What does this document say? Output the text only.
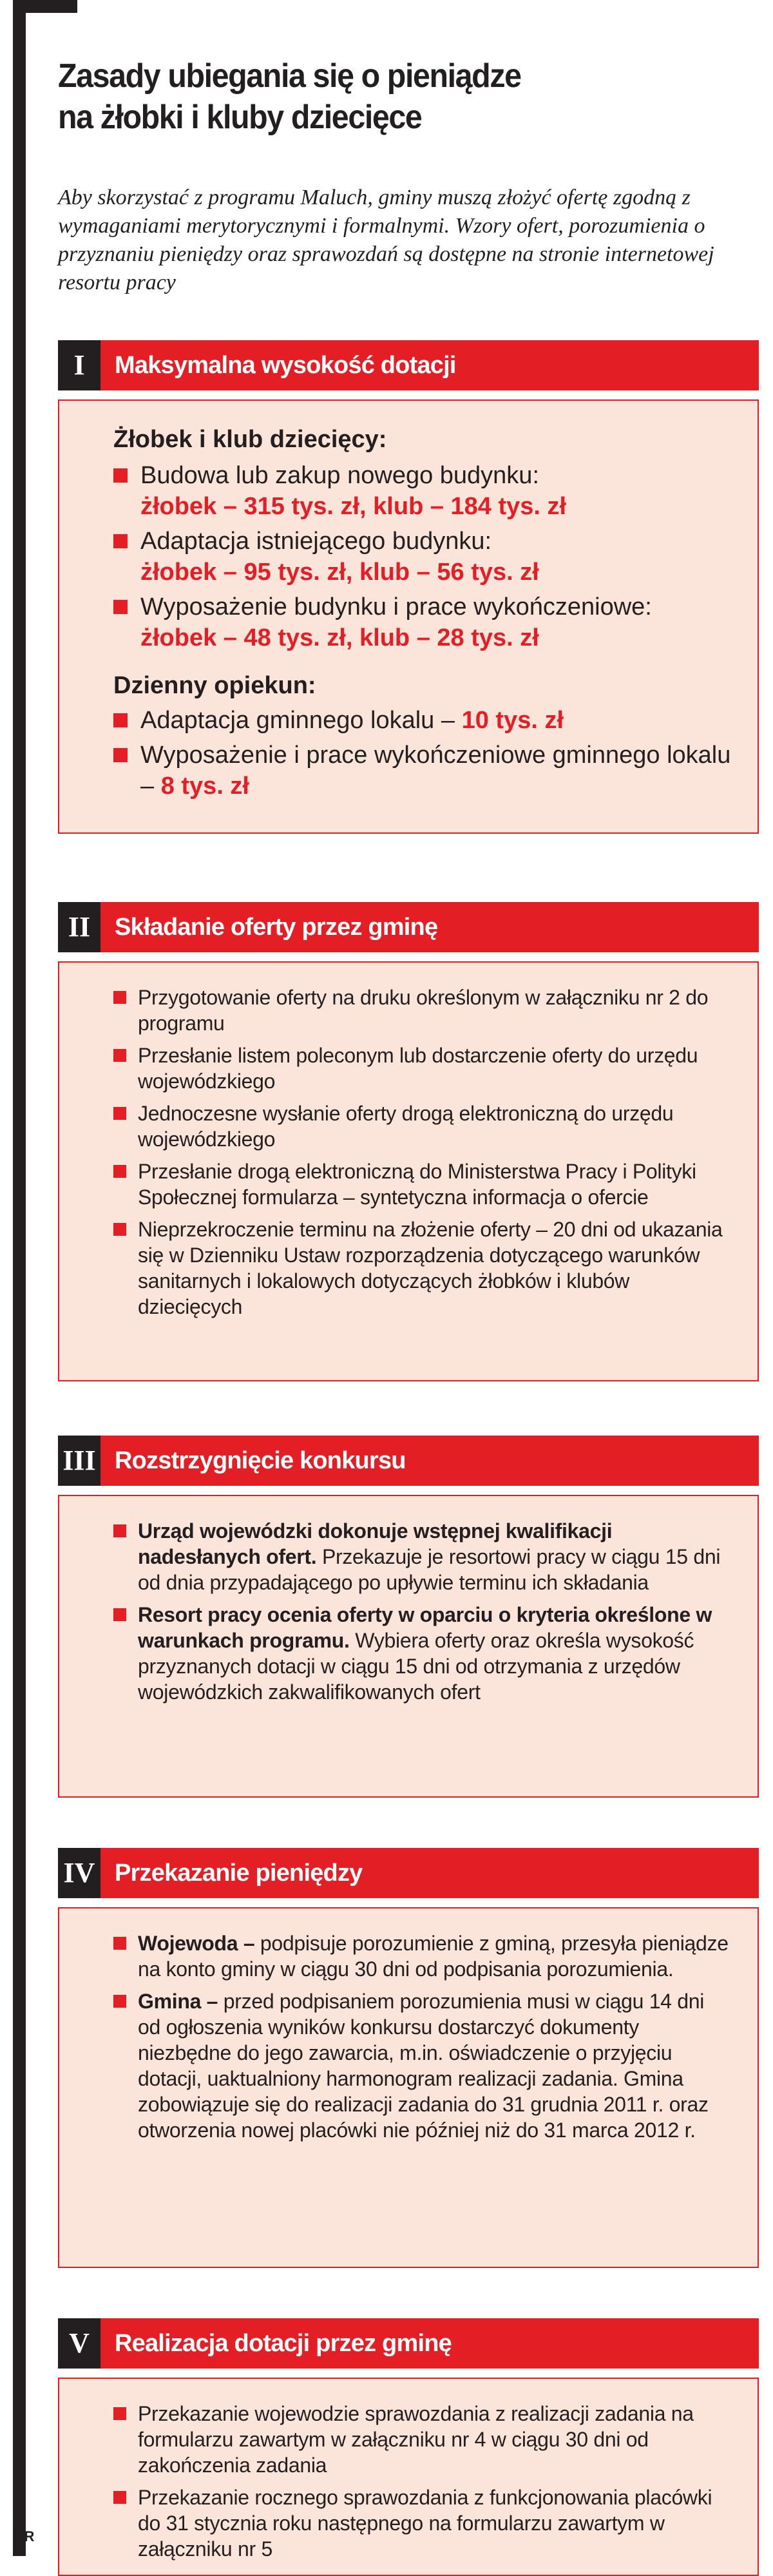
Zasady ubiegania się o pieniądze
na żłobki i kluby dziecięce

Aby skorzystać z programu Maluch, gminy muszą złożyć ofertę zgodną z wymaganiami merytorycznymi i formalnymi. Wzory ofert, porozumienia o przyznaniu pieniędzy oraz sprawozdań są dostępne na stronie internetowej resortu pracy

I	Maksymalna wysokość dotacji

Żłobek i klub dziecięcy:

Budowa lub zakup nowego budynku:
żłobek – 315 tys. zł, klub – 184 tys. zł
Adaptacja istniejącego budynku:
żłobek – 95 tys. zł, klub – 56 tys. zł
Wyposażenie budynku i prace wykończeniowe:
żłobek – 48 tys. zł, klub – 28 tys. zł

Dzienny opiekun:

Adaptacja gminnego lokalu – 10 tys. zł
Wyposażenie i prace wykończeniowe gminnego lokalu – 8 tys. zł
II Składanie oferty przez gminę
Przygotowanie oferty na druku określonym w załączniku nr 2 do programu
Przesłanie listem poleconym lub dostarczenie oferty do urzędu wojewódzkiego
Jednoczesne wysłanie oferty drogą elektroniczną do urzędu wojewódzkiego
Przesłanie drogą elektroniczną do Ministerstwa Pracy i Polityki Społecznej formularza – syntetyczna informacja o ofercie
Nieprzekroczenie terminu na złożenie oferty – 20 dni od ukazania się w Dzienniku Ustaw rozporządzenia dotyczącego warunków sanitarnych i lokalowych dotyczących żłobków i klubów dziecięcych
III Rozstrzygnięcie konkursu
Urząd wojewódzki dokonuje wstępnej kwalifikacji nadesłanych ofert. Przekazuje je resortowi pracy w ciągu 15 dni od dnia przypadającego po upływie terminu ich składania
Resort pracy ocenia oferty w oparciu o kryteria określone w warunkach programu. Wybiera oferty oraz określa wysokość przyznanych dotacji w ciągu 15 dni od otrzymania z urzędów wojewódzkich zakwalifikowanych ofert
IV Przekazanie pieniędzy
Wojewoda – podpisuje porozumienie z gminą, przesyła pieniądze na konto gminy w ciągu 30 dni od podpisania porozumienia.
Gmina – przed podpisaniem porozumienia musi w ciągu 14 dni od ogłoszenia wyników konkursu dostarczyć dokumenty niezbędne do jego zawarcia, m.in. oświadczenie o przyjęciu dotacji, uaktualniony harmonogram realizacji zadania. Gmina zobowiązuje się do realizacji zadania do 31 grudnia 2011 r. oraz otworzenia nowej placówki nie później niż do 31 marca 2012 r.
V	Realizacja dotacji przez gminę
Przekazanie wojewodzie sprawozdania z realizacji zadania na formularzu zawartym w załączniku nr 4 w ciągu 30 dni od zakończenia zadania
Przekazanie rocznego sprawozdania z funkcjonowania placówki do 31 stycznia roku następnego na formularzu zawartym w załączniku nr 5
ŁR
